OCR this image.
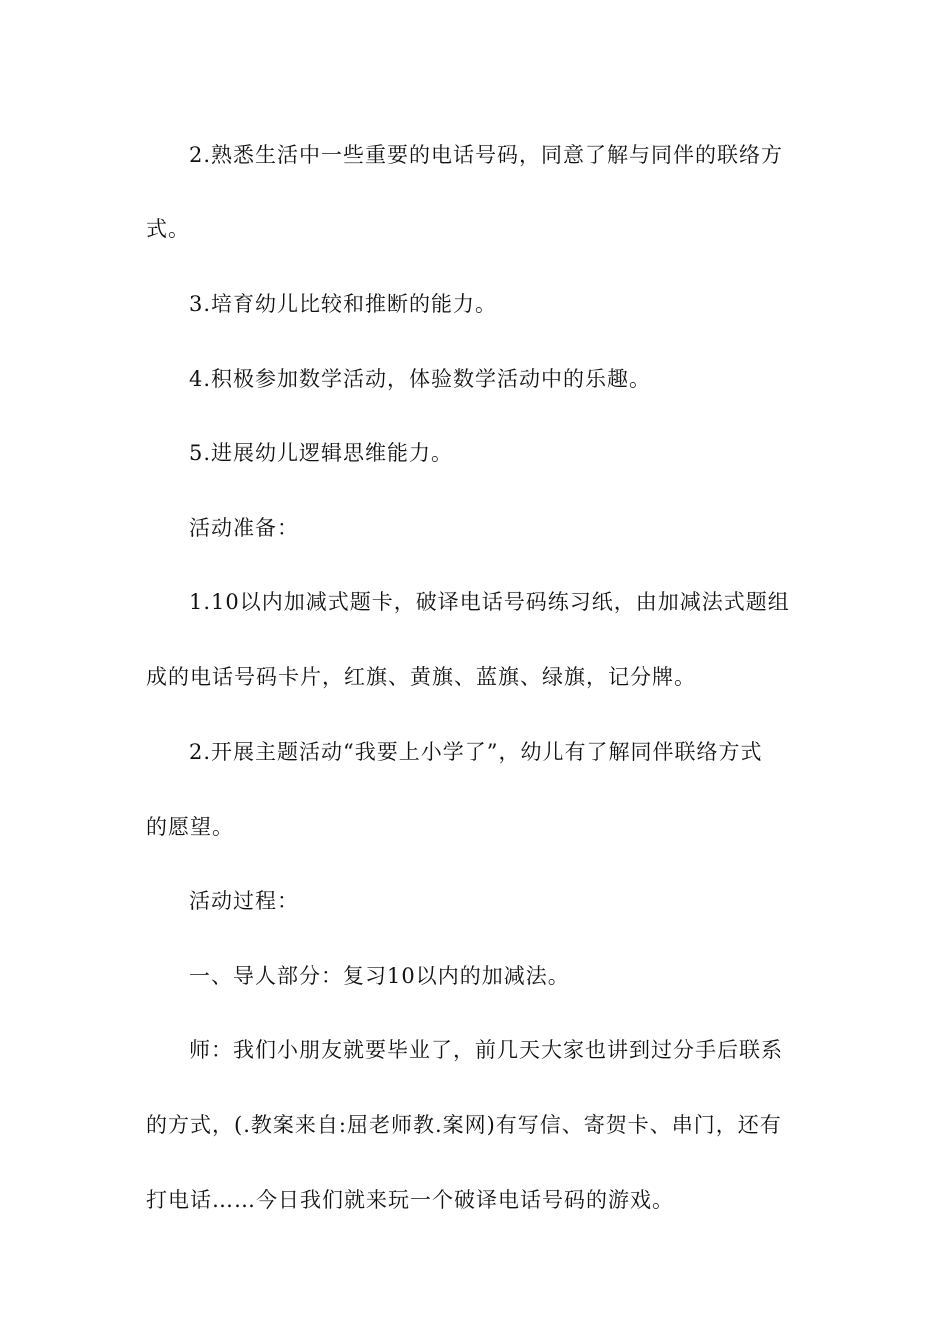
2.熟悉生活中一些重要的电话号码，同意了解与同伴的联络方

式。

3.培育幼儿比较和推断的能力。

4.积极参加数学活动，体验数学活动中的乐趣。

5.进展幼儿逻辑思维能力。

活动准备：

1.10以内加减式题卡，破译电话号码练习纸，由加减法式题组

成的电话号码卡片，红旗、黄旗、蓝旗、绿旗，记分牌。

2.开展主题活动“我要上小学了”，幼儿有了解同伴联络方式

的愿望。

活动过程：

一、导人部分：复习10以内的加减法。

师：我们小朋友就要毕业了，前几天大家也讲到过分手后联系

的方式，(.教案来自:屈老师教.案网)有写信、寄贺卡、串门，还有

打电话……今日我们就来玩一个破译电话号码的游戏。
